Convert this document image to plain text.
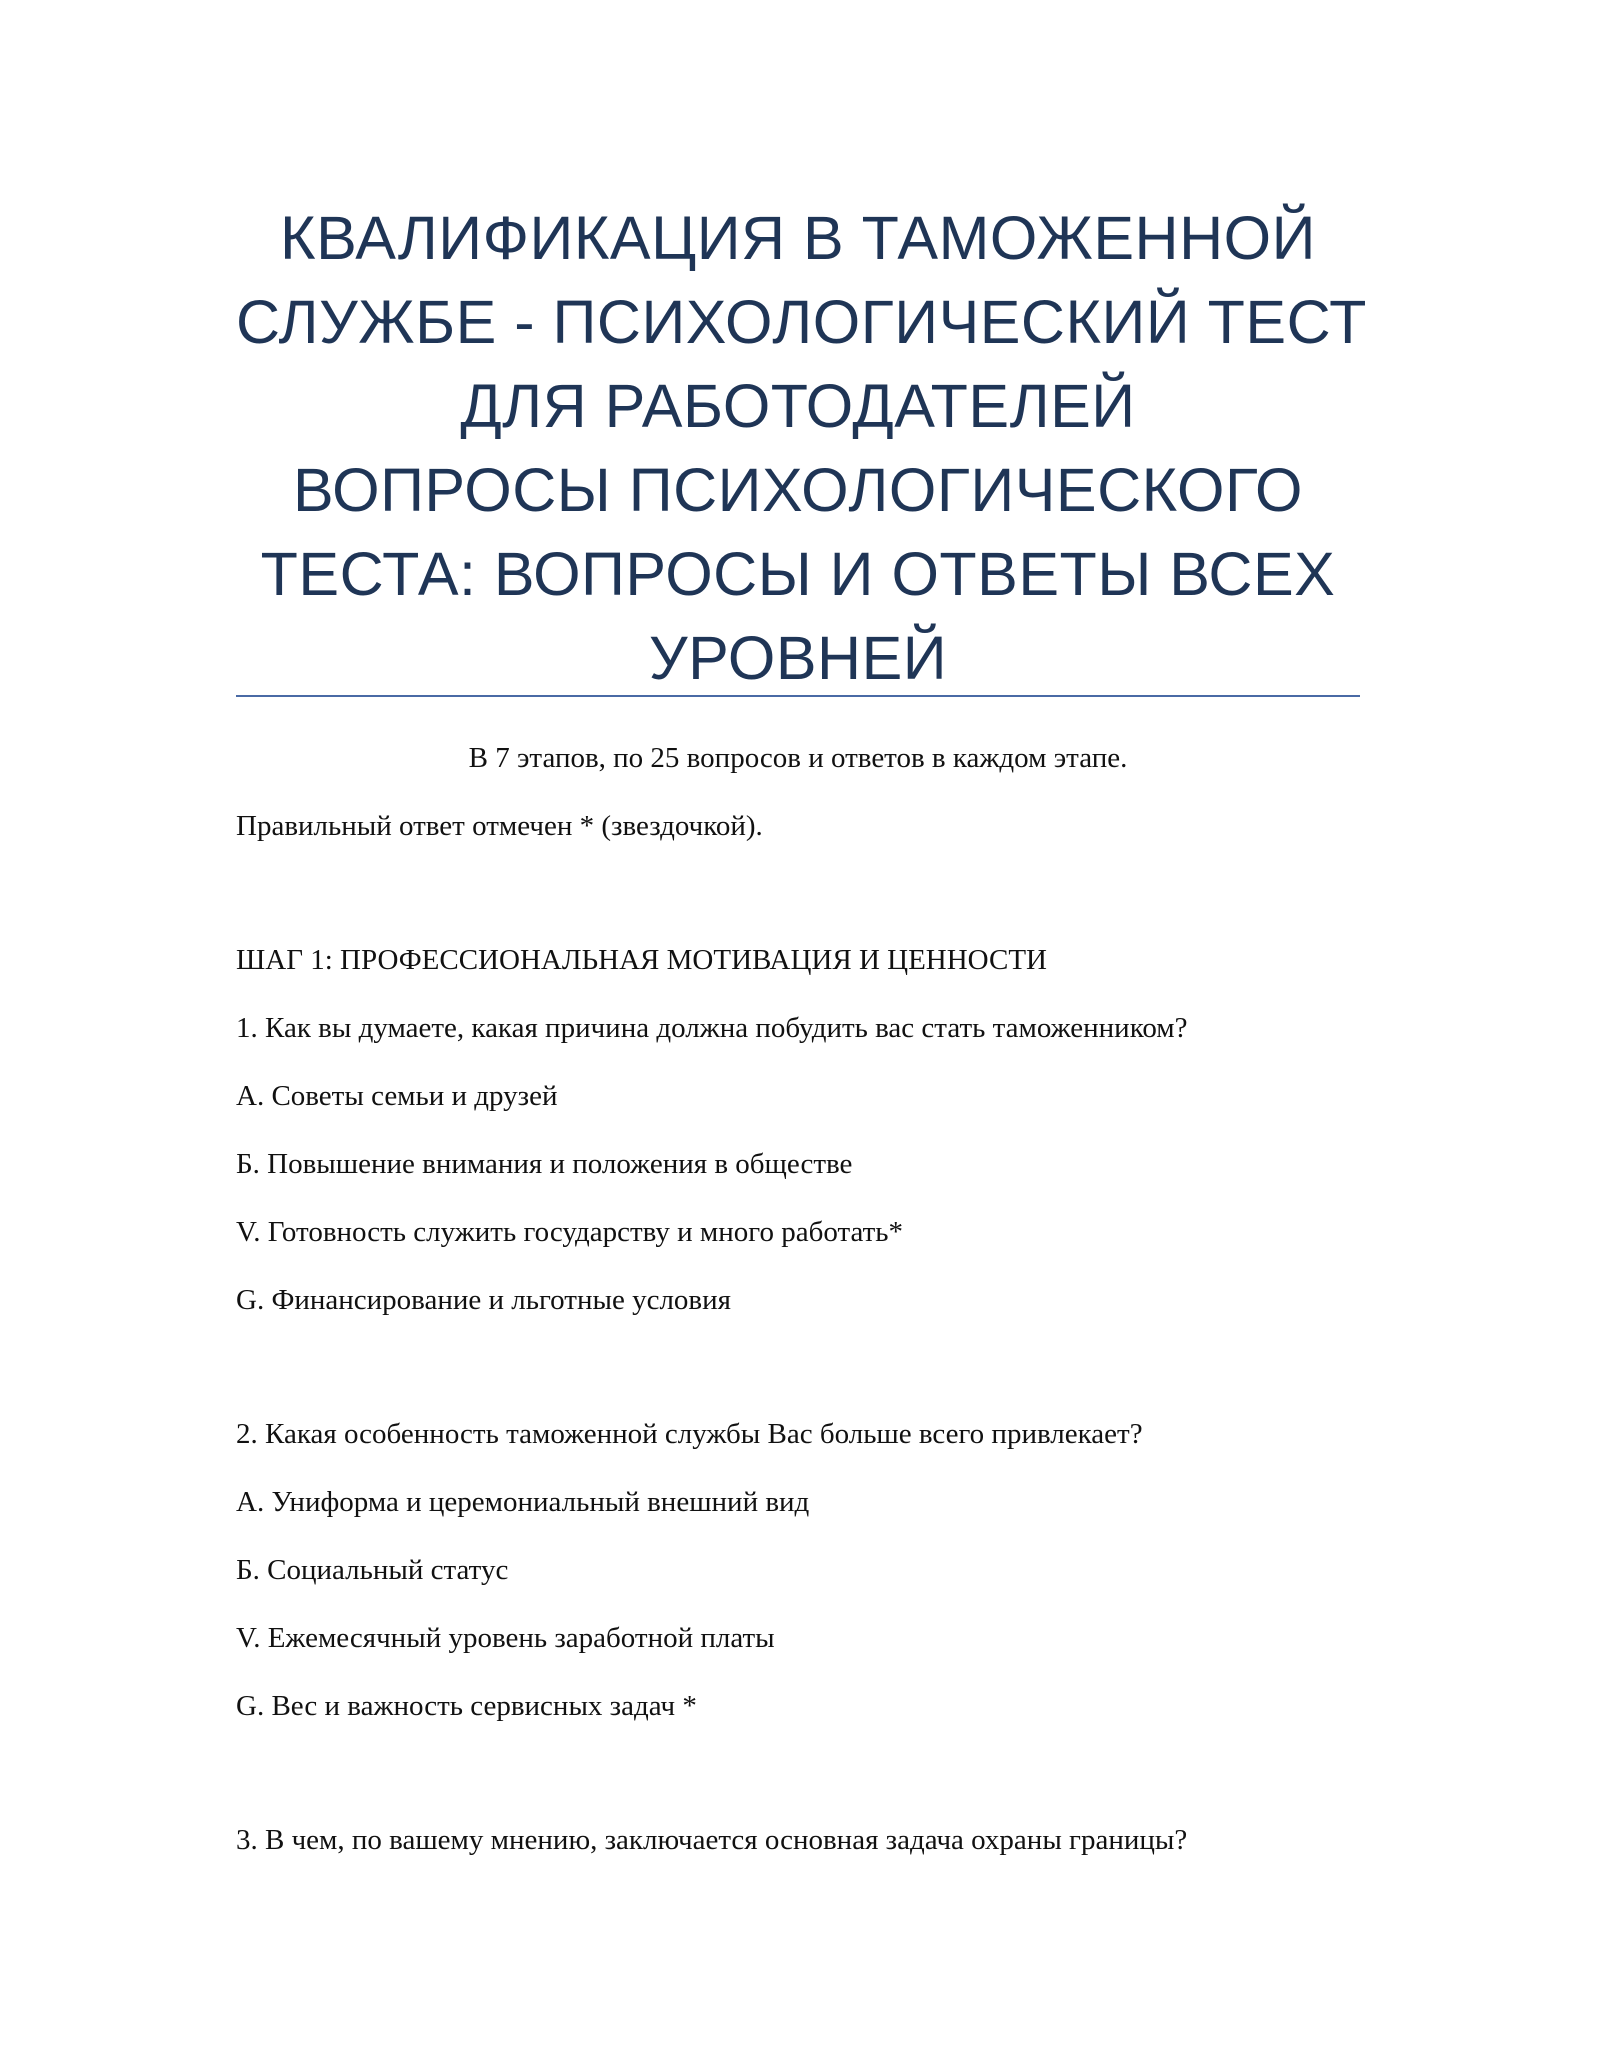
КВАЛИФИКАЦИЯ В ТАМОЖЕННОЙ
СЛУЖБЕ - ПСИХОЛОГИЧЕСКИЙ ТЕСТ
ДЛЯ РАБОТОДАТЕЛЕЙ
ВОПРОСЫ ПСИХОЛОГИЧЕСКОГО
ТЕСТА: ВОПРОСЫ И ОТВЕТЫ ВСЕХ
УРОВНЕЙ
В 7 этапов, по 25 вопросов и ответов в каждом этапе.
Правильный ответ отмечен * (звездочкой).
ШАГ 1: ПРОФЕССИОНАЛЬНАЯ МОТИВАЦИЯ И ЦЕННОСТИ
1. Как вы думаете, какая причина должна побудить вас стать таможенником?
A. Советы семьи и друзей
Б. Повышение внимания и положения в обществе
V. Готовность служить государству и много работать*
G. Финансирование и льготные условия
2. Какая особенность таможенной службы Вас больше всего привлекает?
A. Униформа и церемониальный внешний вид
Б. Социальный статус
V. Ежемесячный уровень заработной платы
G. Вес и важность сервисных задач *
3. В чем, по вашему мнению, заключается основная задача охраны границы?
